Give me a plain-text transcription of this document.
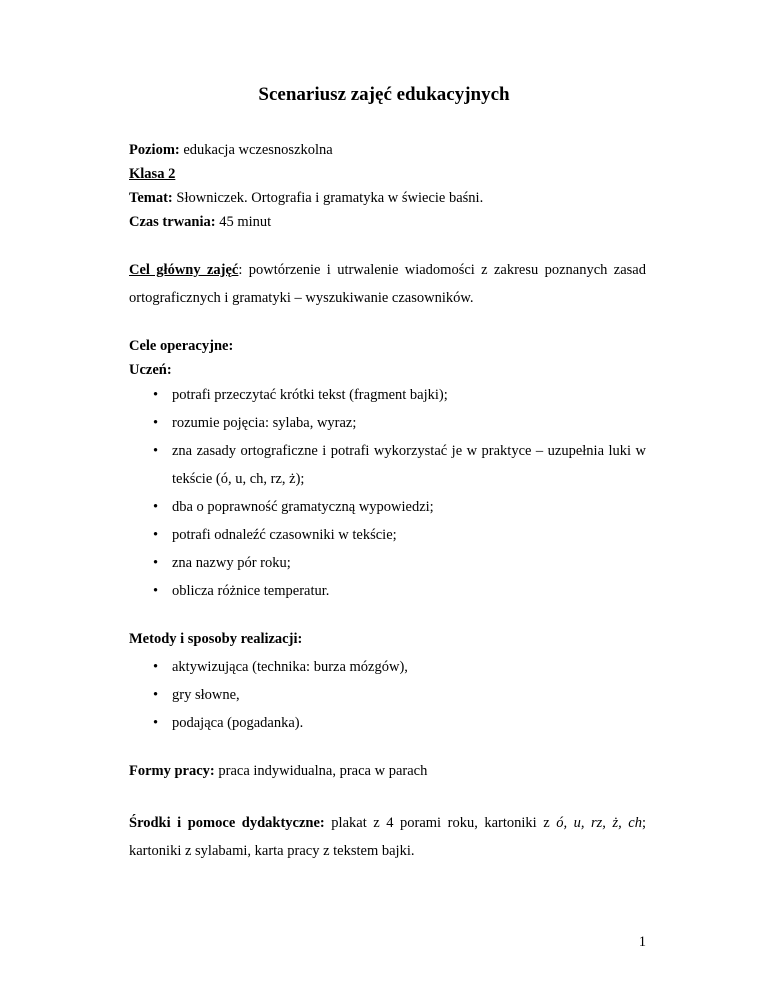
Scenariusz zajęć edukacyjnych
Poziom: edukacja wczesnoszkolna
Klasa 2
Temat: Słowniczek. Ortografia i gramatyka w świecie baśni.
Czas trwania: 45 minut
Cel główny zajęć: powtórzenie i utrwalenie wiadomości z zakresu poznanych zasad
ortograficznych i gramatyki – wyszukiwanie czasowników.
Cele operacyjne:
Uczeń:
• potrafi przeczytać krótki tekst (fragment bajki);
• rozumie pojęcia: sylaba, wyraz;
• zna zasady ortograficzne i potrafi wykorzystać je w praktyce – uzupełnia luki w
tekście (ó, u, ch, rz, ż);
• dba o poprawność gramatyczną wypowiedzi;
• potrafi odnaleźć czasowniki w tekście;
• zna nazwy pór roku;
• oblicza różnice temperatur.
Metody i sposoby realizacji:
• aktywizująca (technika: burza mózgów),
• gry słowne,
• podająca (pogadanka).
Formy pracy: praca indywidualna, praca w parach
Środki i pomoce dydaktyczne: plakat z 4 porami roku, kartoniki z ó, u, rz, ż, ch;
kartoniki z sylabami, karta pracy z tekstem bajki.
1
